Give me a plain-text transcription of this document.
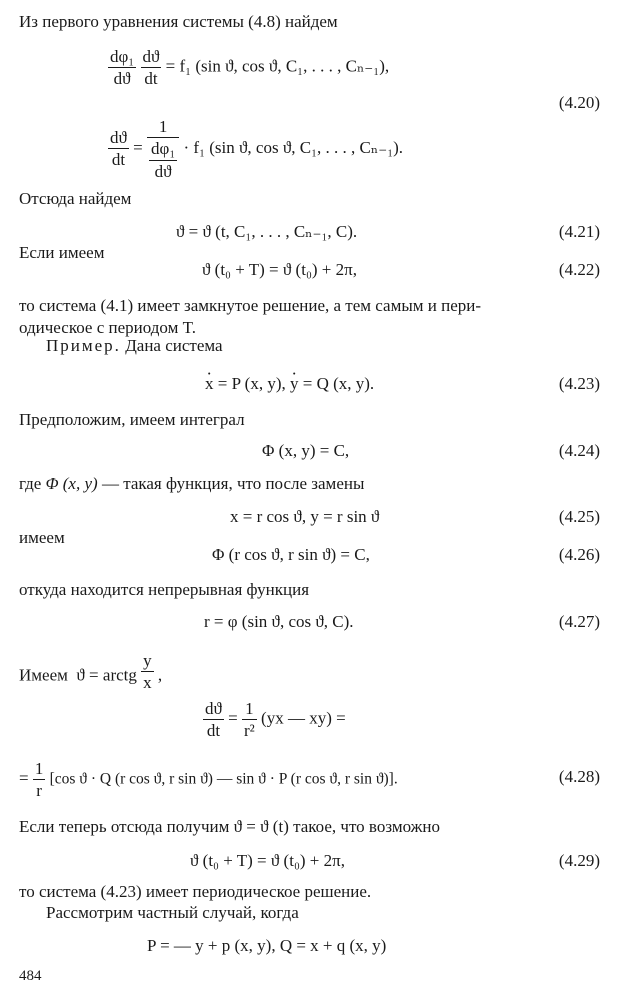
Из первого уравнения системы (4.8) найдем
$\frac{\text{dφ₁}}{dϑ}$
$\frac{dϑ}{dt} = f_1$ (sin ϑ, cos ϑ, C₁, . . . , Cₙ₋₁),
(4.20)
$\frac{dϑ}{dt} = \frac{1}{\frac{\text{dφ₁}}{dϑ}} \cdot f_1$ (sin ϑ, cos ϑ, C₁, . . . , Cₙ₋₁).
Отсюда найдем
ϑ = ϑ (t, C₁, . . . , Cₙ₋₁, C).	(4.21)
Если имеем
ϑ (t₀ + T) = ϑ (t₀) + 2π,	(4.22)
то система (4.1) имеет замкнутое решение, а тем самым и пери-
одическое с периодом T.
Пример. Дана система
· x = P (x, y), · y = Q (x, y).	(4.23)
Предположим, имеем интеграл
Φ (x, y) = C,	(4.24)
где Φ (x, y) — такая функция, что после замены
x = r cos ϑ, y = r sin ϑ	(4.25)
имеем
Φ (r cos ϑ, r sin ϑ) = C,	(4.26)
откуда находится непрерывная функция
r = φ (sin ϑ, cos ϑ, C).	(4.27)
Имеем ϑ = arctg $\frac{y}{x}$ ,
$\frac{dϑ}{dt} = \frac{1}{\text{r²}} (yx$ — xy) =
= $\frac{1}{r} [\cos$ ϑ · Q (r cos ϑ, r sin ϑ) — sin ϑ · P (r cos ϑ, r sin ϑ)].	(4.28)
Если теперь отсюда получим ϑ = ϑ (t) такое, что возможно
ϑ (t₀ + T) = ϑ (t₀) + 2π,	(4.29)
то система (4.23) имеет периодическое решение.
Рассмотрим частный случай, когда
P = — y + p (x, y), Q = x + q (x, y)
484
